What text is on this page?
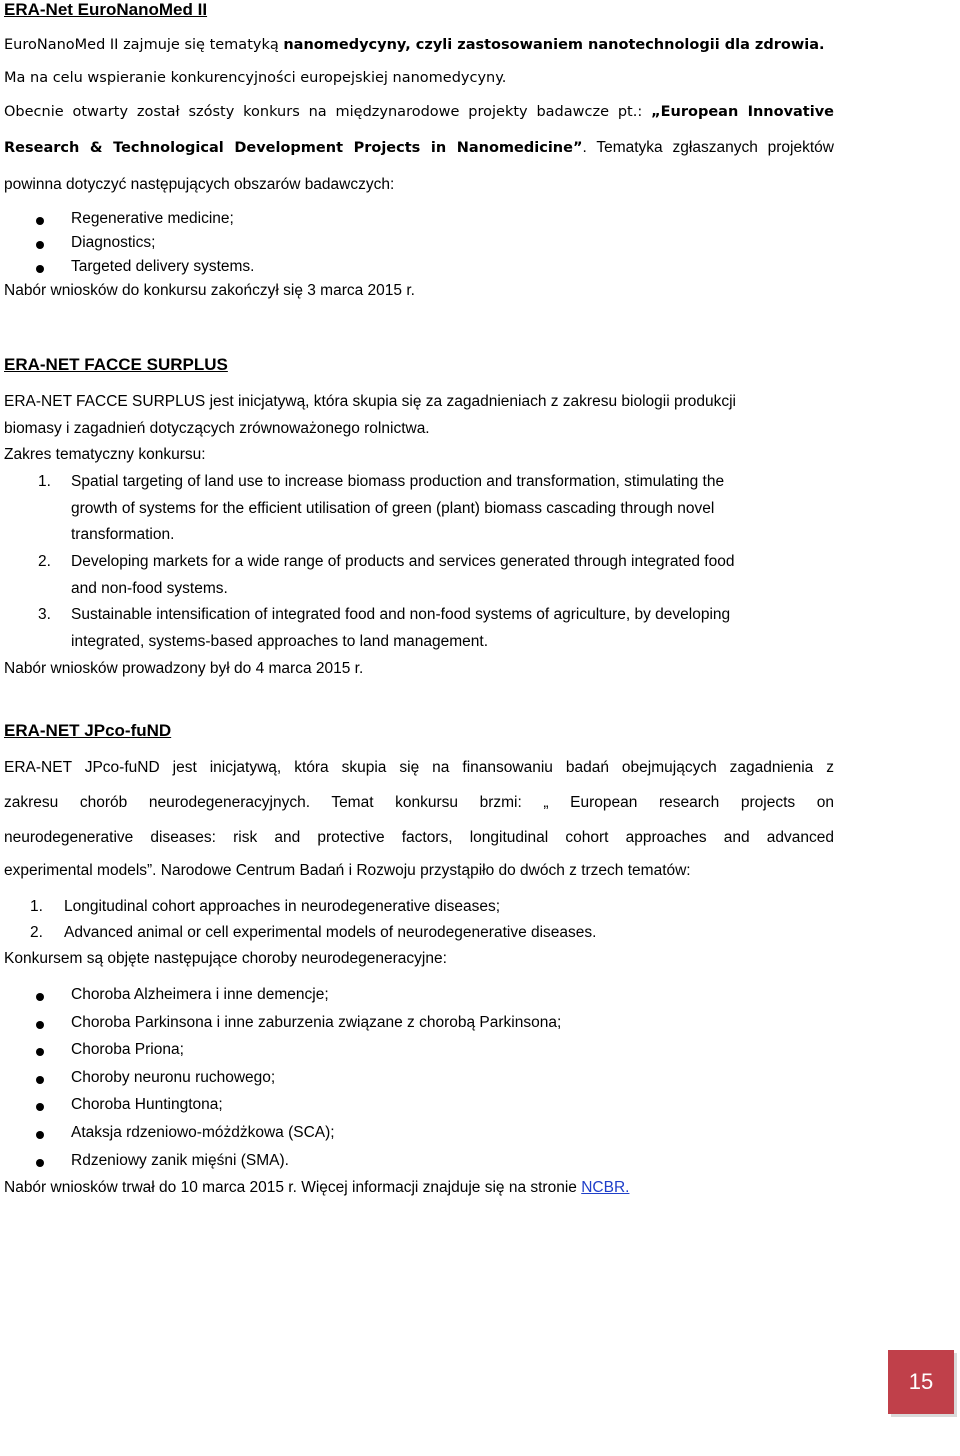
ERA-Net EuroNanoMed II
EuroNanoMed II zajmuje się tematyką nanomedycyny, czyli zastosowaniem nanotechnologii dla zdrowia.
Ma na celu wspieranie konkurencyjności europejskiej nanomedycyny.
Obecnie otwarty został szósty konkurs na międzynarodowe projekty badawcze pt.: „European Innovative
Research & Technological Development Projects in Nanomedicine”. Tematyka zgłaszanych projektów
powinna dotyczyć następujących obszarów badawczych:
Regenerative medicine;
Diagnostics;
Targeted delivery systems.
Nabór wniosków do konkursu zakończył się 3 marca 2015 r.
ERA-NET FACCE SURPLUS
ERA-NET FACCE SURPLUS jest inicjatywą, która skupia się za zagadnieniach z zakresu biologii produkcji
biomasy i zagadnień dotyczących zrównoważonego rolnictwa.
Zakres tematyczny konkursu:
1. Spatial targeting of land use to increase biomass production and transformation, stimulating the
growth of systems for the efficient utilisation of green (plant) biomass cascading through novel
transformation.
2. Developing markets for a wide range of products and services generated through integrated food
and non-food systems.
3. Sustainable intensification of integrated food and non-food systems of agriculture, by developing
integrated, systems-based approaches to land management.
Nabór wniosków prowadzony był do 4 marca 2015 r.
ERA-NET JPco-fuND
ERA-NET JPco-fuND jest inicjatywą, która skupia się na finansowaniu badań obejmujących zagadnienia z
zakresu chorób neurodegeneracyjnych. Temat konkursu brzmi: „ European research projects on
neurodegenerative diseases: risk and protective factors, longitudinal cohort approaches and advanced
experimental models”. Narodowe Centrum Badań i Rozwoju przystąpiło do dwóch z trzech tematów:
1. Longitudinal cohort approaches in neurodegenerative diseases;
2. Advanced animal or cell experimental models of neurodegenerative diseases.
Konkursem są objęte następujące choroby neurodegeneracyjne:
Choroba Alzheimera i inne demencje;
Choroba Parkinsona i inne zaburzenia związane z chorobą Parkinsona;
Choroba Priona;
Choroby neuronu ruchowego;
Choroba Huntingtona;
Ataksja rdzeniowo-móżdżkowa (SCA);
Rdzeniowy zanik mięśni (SMA).
Nabór wniosków trwał do 10 marca 2015 r. Więcej informacji znajduje się na stronie NCBR.
15
